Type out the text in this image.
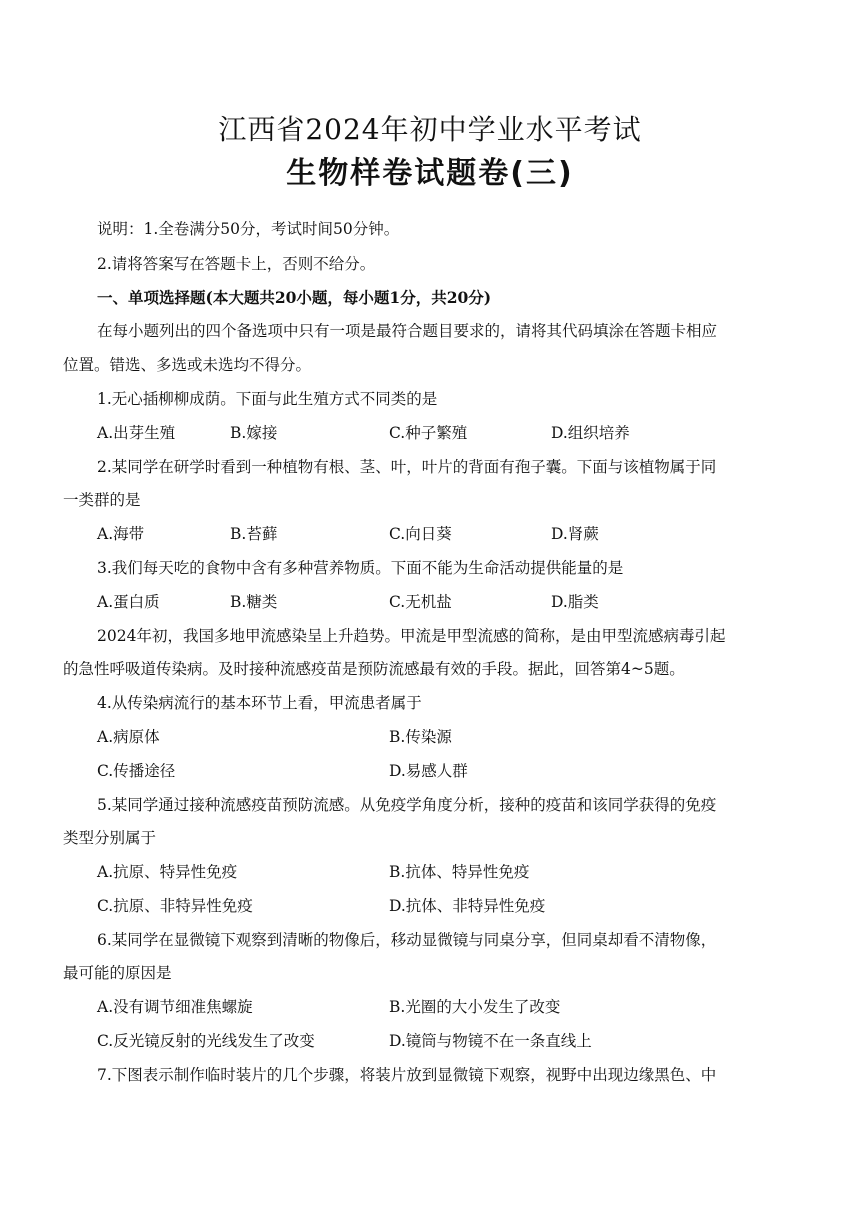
江西省2024年初中学业水平考试
生物样卷试题卷(三)
说明：1.全卷满分50分，考试时间50分钟。
2.请将答案写在答题卡上，否则不给分。
一、单项选择题(本大题共20小题，每小题1分，共20分)
在每小题列出的四个备选项中只有一项是最符合题目要求的，请将其代码填涂在答题卡相应
位置。错选、多选或未选均不得分。
1.无心插柳柳成荫。下面与此生殖方式不同类的是
A.出芽生殖	B.嫁接	C.种子繁殖	D.组织培养
2.某同学在研学时看到一种植物有根、茎、叶，叶片的背面有孢子囊。下面与该植物属于同
一类群的是
A.海带	B.苔藓	C.向日葵	D.肾蕨
3.我们每天吃的食物中含有多种营养物质。下面不能为生命活动提供能量的是
A.蛋白质	B.糖类	C.无机盐	D.脂类
2024年初，我国多地甲流感染呈上升趋势。甲流是甲型流感的简称，是由甲型流感病毒引起
的急性呼吸道传染病。及时接种流感疫苗是预防流感最有效的手段。据此，回答第4~5题。
4.从传染病流行的基本环节上看，甲流患者属于
A.病原体	B.传染源
C.传播途径	D.易感人群
5.某同学通过接种流感疫苗预防流感。从免疫学角度分析，接种的疫苗和该同学获得的免疫
类型分别属于
A.抗原、特异性免疫	B.抗体、特异性免疫
C.抗原、非特异性免疫	D.抗体、非特异性免疫
6.某同学在显微镜下观察到清晰的物像后，移动显微镜与同桌分享，但同桌却看不清物像，
最可能的原因是
A.没有调节细准焦螺旋	B.光圈的大小发生了改变
C.反光镜反射的光线发生了改变	D.镜筒与物镜不在一条直线上
7.下图表示制作临时装片的几个步骤，将装片放到显微镜下观察，视野中出现边缘黑色、中
